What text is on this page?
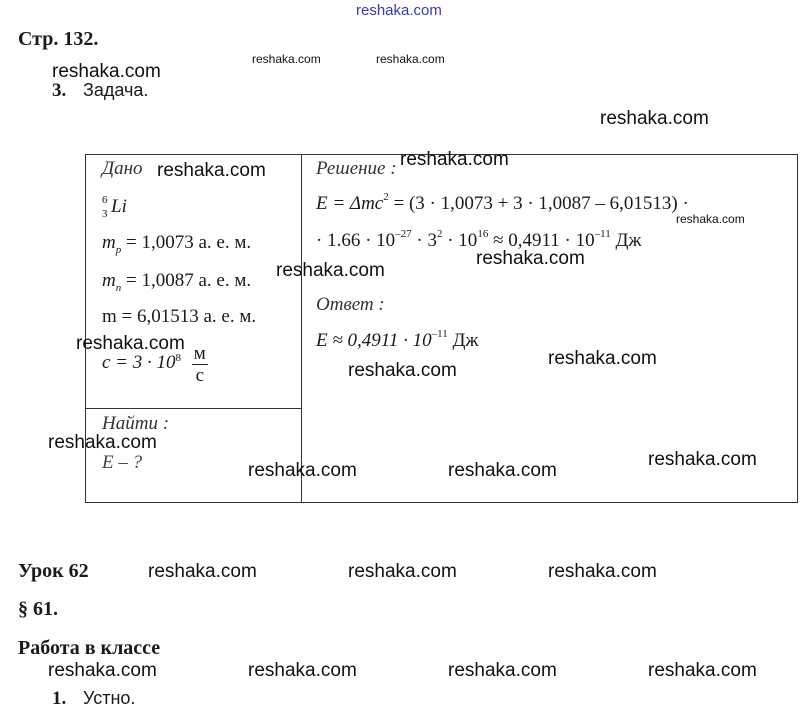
reshaka.com
Стр. 132.
reshaka.com
reshaka.com	reshaka.com
3. Задача.
reshaka.com
Дано reshaka.com
6
3 Li
$m_p = 1,0073$ а. е. м.
$m_n = 1,0087$ а. е. м. reshaka.com
m = 6,01513 а. е. м.
reshaka.com
$c = 3 \cdot 10^8 \frac{м}{с}$
Найти :
reshaka.com
E – ?
Решение : reshaka.com
E = Δmc$^2$ = (3 · 1,0073 + 3 · 1,0087 – 6,01513) ·
reshaka.com
· $1.66 \cdot 10^{-27} \cdot 3^2 \cdot 10^{16} \approx 0,4911 \cdot 10^{-11}$ Дж
reshaka.com
Ответ :
$E \approx 0,4911 \cdot 10^{-11}$ Дж
reshaka.com
reshaka.com
reshaka.com
reshaka.com	reshaka.com
Урок 62	reshaka.com	reshaka.com	reshaka.com
§ 61.
Работа в классе
reshaka.com	reshaka.com	reshaka.com	reshaka.com
1. Устно.
